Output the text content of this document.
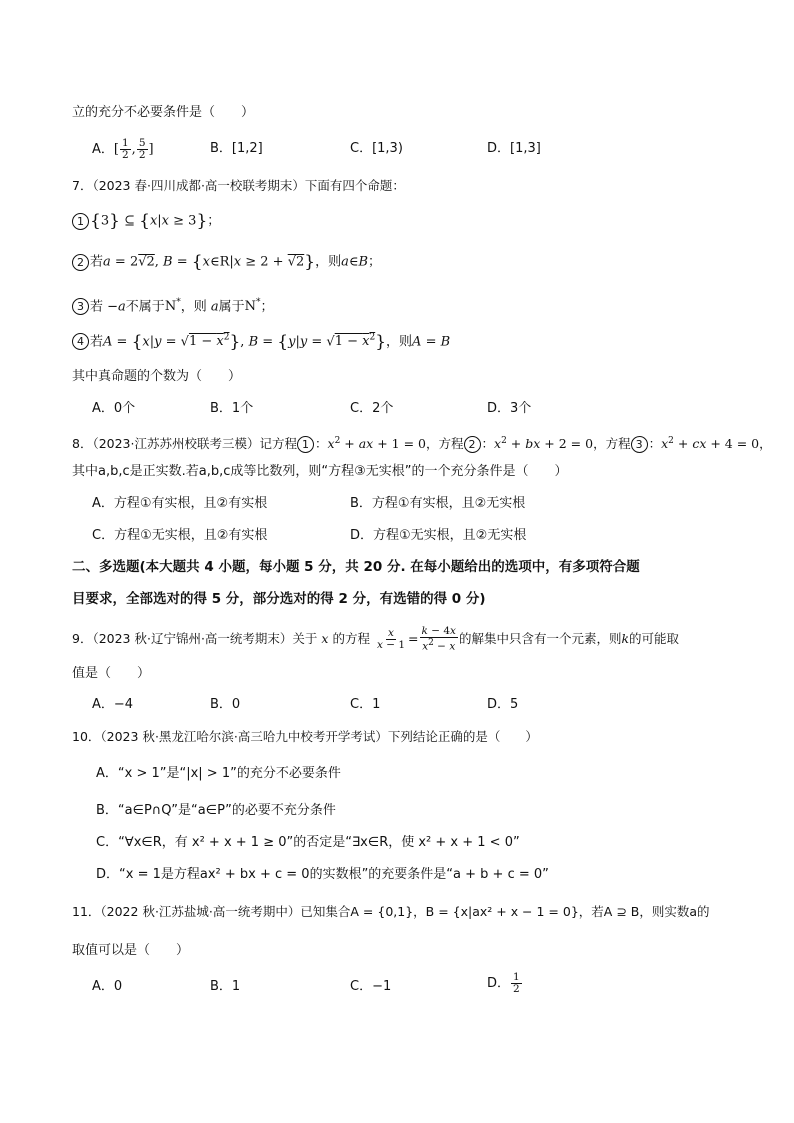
立的充分不必要条件是（　　）
A．[ $\frac{1}{2}$ , $\frac{5}{2}$ ]	B．[1,2]	C．[1,3)	D．[1,3]
7．（2023 春·四川成都·高一校联考期末）下面有四个命题：
1 {3} ⊆ {x|x ≥ 3}；
2 若a = 2√2, B = {x∈R|x ≥ 2 + √2}，则a∈B；
3 若 −a不属于N*，则 a属于N*；
4 若$A = \{x|y = √1 - x^2\}$, $B = \{y|y = √1 - x^2\}$，则A = B
其中真命题的个数为（　　）
A．0个	B．1个	C．2个	D．3个
8．（2023·江苏苏州校联考三模）记方程 1 ：$x^2$ + ax + 1 = 0，方程 2 ：$x^2$ + bx + 2 = 0，方程 3 ：$x^2$ + cx + 4 = 0，
其中a,b,c是正实数.若a,b,c成等比数列，则“方程③无实根”的一个充分条件是（　　）
A．方程①有实根，且②有实根	B．方程①有实根，且②无实根
C．方程①无实根，且②有实根	D．方程①无实根，且②无实根
二、多选题(本大题共 4 小题，每小题 5 分，共 20 分. 在每小题给出的选项中，有多项符合题
目要求，全部选对的得 5 分，部分选对的得 2 分，有选错的得 0 分)
9．（2023 秋·辽宁锦州·高一统考期末）关于 x 的方程 $\frac{x}{x - 1} = \frac{k - 4x}{x^2 - x}$ 的解集中只含有一个元素，则k的可能取
值是（　　）
A．−4	B．0	C．1	D．5
10．（2023 秋·黑龙江哈尔滨·高三哈九中校考开学考试）下列结论正确的是（　　）
A．“x > 1”是“|x| > 1”的充分不必要条件
B．“a∈P∩Q”是“a∈P”的必要不充分条件
C．“∀x∈R，有 x² + x + 1 ≥ 0”的否定是“∃x∈R，使 x² + x + 1 < 0”
D．“x = 1是方程ax² + bx + c = 0的实数根”的充要条件是“a + b + c = 0”
11．（2022 秋·江苏盐城·高一统考期中）已知集合A = {0,1}，B = {x|ax² + x − 1 = 0}，若A ⊇ B，则实数a的
取值可以是（　　）
A．0	B．1	C．−1	D． $\frac{1}{2}$
